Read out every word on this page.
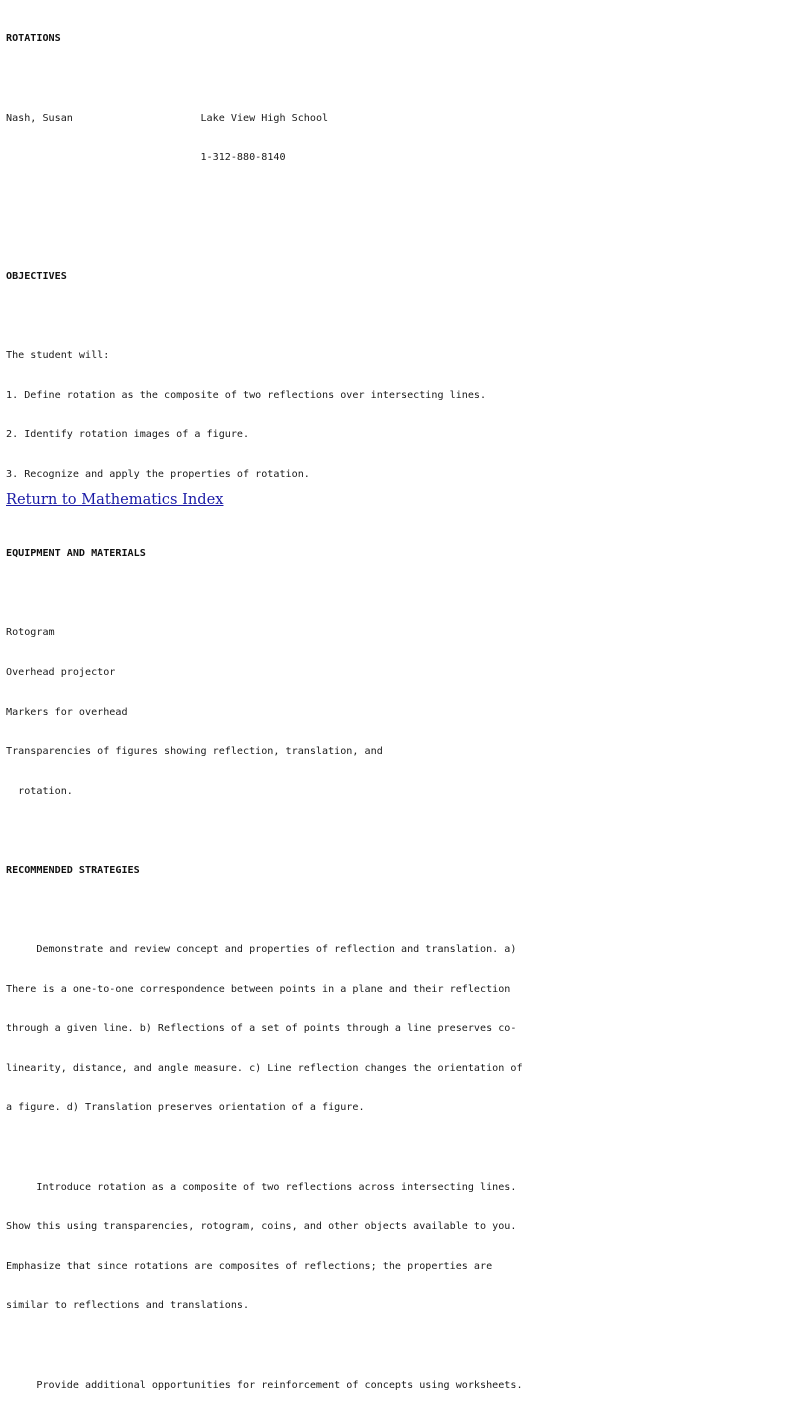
ROTATIONS

Nash, Susan	Lake View High School

1-312-880-8140

OBJECTIVES

The student will:

1. Define rotation as the composite of two reflections over intersecting lines.

2. Identify rotation images of a figure.

3. Recognize and apply the properties of rotation.

EQUIPMENT AND MATERIALS

Rotogram

Overhead projector

Markers for overhead

Transparencies of figures showing reflection, translation, and

rotation.

RECOMMENDED STRATEGIES

Demonstrate and review concept and properties of reflection and translation. a)

There is a one-to-one correspondence between points in a plane and their reflection

through a given line. b) Reflections of a set of points through a line preserves co-

linearity, distance, and angle measure. c) Line reflection changes the orientation of

a figure. d) Translation preserves orientation of a figure.

Introduce rotation as a composite of two reflections across intersecting lines.

Show this using transparencies, rotogram, coins, and other objects available to you.

Emphasize that since rotations are composites of reflections; the properties are

similar to reflections and translations.

Provide additional opportunities for reinforcement of concepts using worksheets.

Return to Mathematics Index
